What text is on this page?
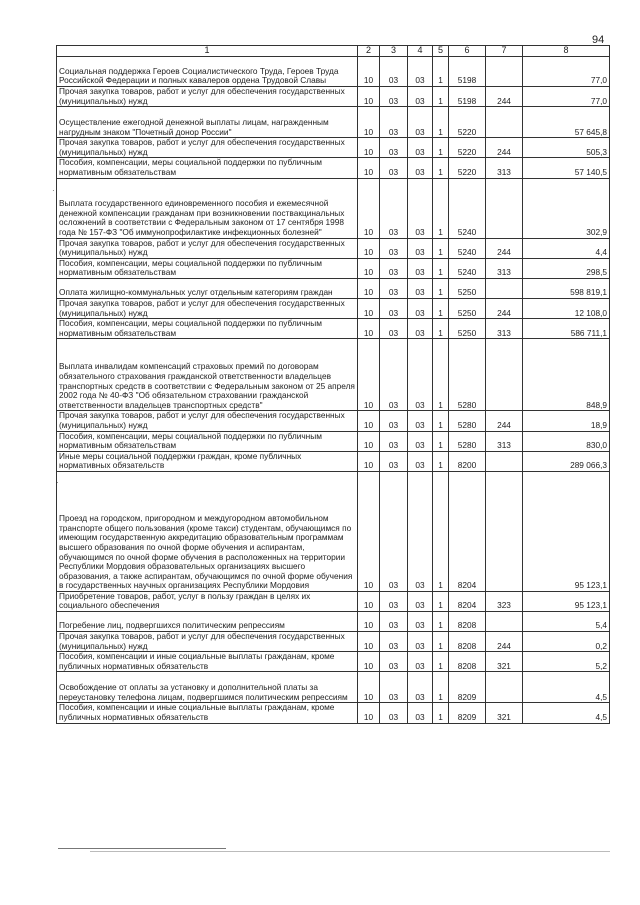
94
·
·
1	2	3	4	5	6	7	8
Социальная поддержка Героев Социалистического Труда, Героев Труда Российской Федерации и полных кавалеров ордена Трудовой Славы	10	03	03	1	5198		77,0
Прочая закупка товаров, работ и услуг для обеспечения государственных (муниципальных) нужд	10	03	03	1	5198	244	77,0
Осуществление ежегодной денежной выплаты лицам, награжденным нагрудным знаком "Почетный донор России"	10	03	03	1	5220		57 645,8
Прочая закупка товаров, работ и услуг для обеспечения государственных (муниципальных) нужд	10	03	03	1	5220	244	505,3
Пособия, компенсации, меры социальной поддержки по публичным нормативным обязательствам	10	03	03	1	5220	313	57 140,5
Выплата государственного единовременного пособия и ежемесячной денежной компенсации гражданам при возникновении поствакцинальных осложнений в соответствии с Федеральным законом от 17 сентября 1998 года № 157-ФЗ "Об иммунопрофилактике инфекционных болезней"	10	03	03	1	5240		302,9
Прочая закупка товаров, работ и услуг для обеспечения государственных (муниципальных) нужд	10	03	03	1	5240	244	4,4
Пособия, компенсации, меры социальной поддержки по публичным нормативным обязательствам	10	03	03	1	5240	313	298,5
Оплата жилищно-коммунальных услуг отдельным категориям граждан	10	03	03	1	5250		598 819,1
Прочая закупка товаров, работ и услуг для обеспечения государственных (муниципальных) нужд	10	03	03	1	5250	244	12 108,0
Пособия, компенсации, меры социальной поддержки по публичным нормативным обязательствам	10	03	03	1	5250	313	586 711,1
Выплата инвалидам компенсаций страховых премий по договорам обязательного страхования гражданской ответственности владельцев транспортных средств в соответствии с Федеральным законом от 25 апреля 2002 года № 40-ФЗ "Об обязательном страховании гражданской ответственности владельцев транспортных средств"	10	03	03	1	5280		848,9
Прочая закупка товаров, работ и услуг для обеспечения государственных (муниципальных) нужд	10	03	03	1	5280	244	18,9
Пособия, компенсации, меры социальной поддержки по публичным нормативным обязательствам	10	03	03	1	5280	313	830,0
Иные меры социальной поддержки граждан, кроме публичных нормативных обязательств	10	03	03	1	8200		289 066,3
Проезд на городском, пригородном и междугородном автомобильном транспорте общего пользования (кроме такси) студентам, обучающимся по имеющим государственную аккредитацию образовательным программам высшего образования по очной форме обучения и аспирантам, обучающимся по очной форме обучения в расположенных на территории Республики Мордовия образовательных организациях высшего образования, а также аспирантам, обучающимся по очной форме обучения в государственных научных организациях Республики Мордовия	10	03	03	1	8204		95 123,1
Приобретение товаров, работ, услуг в пользу граждан в целях их социального обеспечения	10	03	03	1	8204	323	95 123,1
Погребение лиц, подвергшихся политическим репрессиям	10	03	03	1	8208		5,4
Прочая закупка товаров, работ и услуг для обеспечения государственных (муниципальных) нужд	10	03	03	1	8208	244	0,2
Пособия, компенсации и иные социальные выплаты гражданам, кроме публичных нормативных обязательств	10	03	03	1	8208	321	5,2
Освобождение от оплаты за установку и дополнительной платы за переустановку телефона лицам, подвергшимся политическим репрессиям	10	03	03	1	8209		4,5
Пособия, компенсации и иные социальные выплаты гражданам, кроме публичных нормативных обязательств	10	03	03	1	8209	321	4,5
